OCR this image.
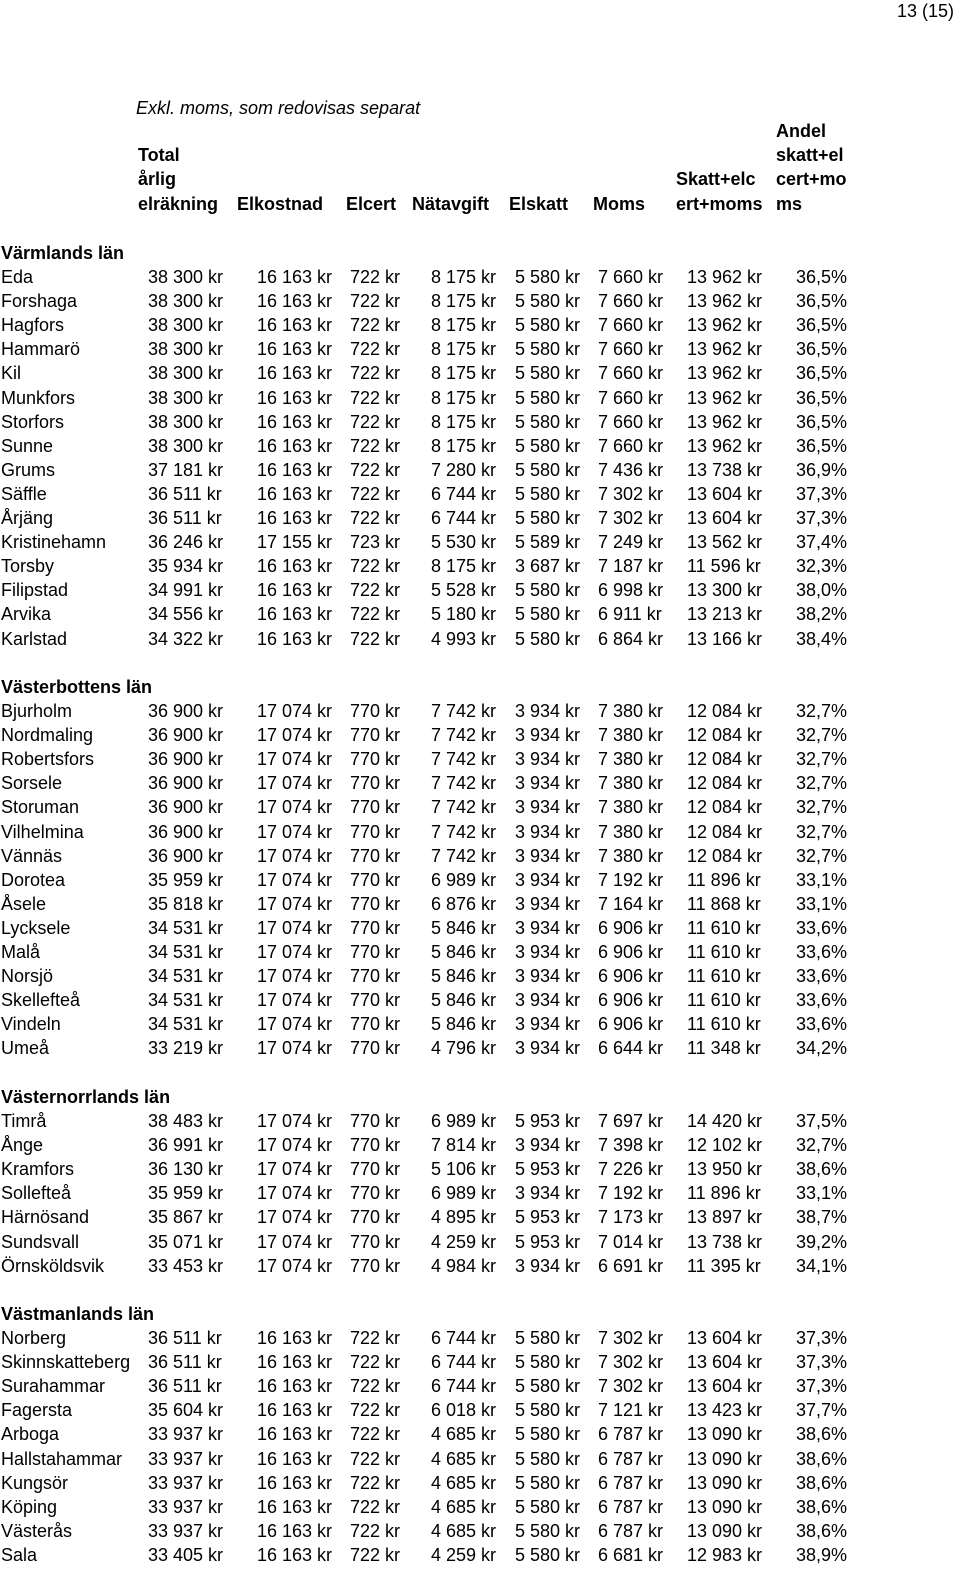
13 (15)
Exkl. moms, som redovisas separat
Total
årlig
elräkning Elkostnad Elcert Nätavgift Elskatt Moms
Skatt+elc
ert+moms
Andel
skatt+el
cert+mo
ms
Värmlands län
Eda	38 300 kr 16 163 kr 722 kr 8 175 kr 5 580 kr 7 660 kr 13 962 kr 36,5%
Forshaga	38 300 kr 16 163 kr 722 kr 8 175 kr 5 580 kr 7 660 kr 13 962 kr 36,5%
Hagfors	38 300 kr 16 163 kr 722 kr 8 175 kr 5 580 kr 7 660 kr 13 962 kr 36,5%
Hammarö	38 300 kr 16 163 kr 722 kr 8 175 kr 5 580 kr 7 660 kr 13 962 kr 36,5%
Kil	38 300 kr 16 163 kr 722 kr 8 175 kr 5 580 kr 7 660 kr 13 962 kr 36,5%
Munkfors	38 300 kr 16 163 kr 722 kr 8 175 kr 5 580 kr 7 660 kr 13 962 kr 36,5%
Storfors	38 300 kr 16 163 kr 722 kr 8 175 kr 5 580 kr 7 660 kr 13 962 kr 36,5%
Sunne	38 300 kr 16 163 kr 722 kr 8 175 kr 5 580 kr 7 660 kr 13 962 kr 36,5%
Grums	37 181 kr 16 163 kr 722 kr 7 280 kr 5 580 kr 7 436 kr 13 738 kr 36,9%
Säffle	36 511 kr 16 163 kr 722 kr 6 744 kr 5 580 kr 7 302 kr 13 604 kr 37,3%
Årjäng	36 511 kr 16 163 kr 722 kr 6 744 kr 5 580 kr 7 302 kr 13 604 kr 37,3%
Kristinehamn	36 246 kr 17 155 kr 723 kr 5 530 kr 5 589 kr 7 249 kr 13 562 kr 37,4%
Torsby	35 934 kr 16 163 kr 722 kr 8 175 kr 3 687 kr 7 187 kr 11 596 kr 32,3%
Filipstad	34 991 kr 16 163 kr 722 kr 5 528 kr 5 580 kr 6 998 kr 13 300 kr 38,0%
Arvika	34 556 kr 16 163 kr 722 kr 5 180 kr 5 580 kr 6 911 kr 13 213 kr 38,2%
Karlstad	34 322 kr 16 163 kr 722 kr 4 993 kr 5 580 kr 6 864 kr 13 166 kr 38,4%
Västerbottens län
Bjurholm	36 900 kr 17 074 kr 770 kr 7 742 kr 3 934 kr 7 380 kr 12 084 kr 32,7%
Nordmaling	36 900 kr 17 074 kr 770 kr 7 742 kr 3 934 kr 7 380 kr 12 084 kr 32,7%
Robertsfors	36 900 kr 17 074 kr 770 kr 7 742 kr 3 934 kr 7 380 kr 12 084 kr 32,7%
Sorsele	36 900 kr 17 074 kr 770 kr 7 742 kr 3 934 kr 7 380 kr 12 084 kr 32,7%
Storuman	36 900 kr 17 074 kr 770 kr 7 742 kr 3 934 kr 7 380 kr 12 084 kr 32,7%
Vilhelmina	36 900 kr 17 074 kr 770 kr 7 742 kr 3 934 kr 7 380 kr 12 084 kr 32,7%
Vännäs	36 900 kr 17 074 kr 770 kr 7 742 kr 3 934 kr 7 380 kr 12 084 kr 32,7%
Dorotea	35 959 kr 17 074 kr 770 kr 6 989 kr 3 934 kr 7 192 kr 11 896 kr 33,1%
Åsele	35 818 kr 17 074 kr 770 kr 6 876 kr 3 934 kr 7 164 kr 11 868 kr 33,1%
Lycksele	34 531 kr 17 074 kr 770 kr 5 846 kr 3 934 kr 6 906 kr 11 610 kr 33,6%
Malå	34 531 kr 17 074 kr 770 kr 5 846 kr 3 934 kr 6 906 kr 11 610 kr 33,6%
Norsjö	34 531 kr 17 074 kr 770 kr 5 846 kr 3 934 kr 6 906 kr 11 610 kr 33,6%
Skellefteå	34 531 kr 17 074 kr 770 kr 5 846 kr 3 934 kr 6 906 kr 11 610 kr 33,6%
Vindeln	34 531 kr 17 074 kr 770 kr 5 846 kr 3 934 kr 6 906 kr 11 610 kr 33,6%
Umeå	33 219 kr 17 074 kr 770 kr 4 796 kr 3 934 kr 6 644 kr 11 348 kr 34,2%
Västernorrlands län
Timrå	38 483 kr 17 074 kr 770 kr 6 989 kr 5 953 kr 7 697 kr 14 420 kr 37,5%
Ånge	36 991 kr 17 074 kr 770 kr 7 814 kr 3 934 kr 7 398 kr 12 102 kr 32,7%
Kramfors	36 130 kr 17 074 kr 770 kr 5 106 kr 5 953 kr 7 226 kr 13 950 kr 38,6%
Sollefteå	35 959 kr 17 074 kr 770 kr 6 989 kr 3 934 kr 7 192 kr 11 896 kr 33,1%
Härnösand	35 867 kr 17 074 kr 770 kr 4 895 kr 5 953 kr 7 173 kr 13 897 kr 38,7%
Sundsvall	35 071 kr 17 074 kr 770 kr 4 259 kr 5 953 kr 7 014 kr 13 738 kr 39,2%
Örnsköldsvik	33 453 kr 17 074 kr 770 kr 4 984 kr 3 934 kr 6 691 kr 11 395 kr 34,1%
Västmanlands län
Norberg	36 511 kr 16 163 kr 722 kr 6 744 kr 5 580 kr 7 302 kr 13 604 kr 37,3%
Skinnskatteberg 36 511 kr 16 163 kr 722 kr 6 744 kr 5 580 kr 7 302 kr 13 604 kr 37,3%
Surahammar	36 511 kr 16 163 kr 722 kr 6 744 kr 5 580 kr 7 302 kr 13 604 kr 37,3%
Fagersta	35 604 kr 16 163 kr 722 kr 6 018 kr 5 580 kr 7 121 kr 13 423 kr 37,7%
Arboga	33 937 kr 16 163 kr 722 kr 4 685 kr 5 580 kr 6 787 kr 13 090 kr 38,6%
Hallstahammar	33 937 kr 16 163 kr 722 kr 4 685 kr 5 580 kr 6 787 kr 13 090 kr 38,6%
Kungsör	33 937 kr 16 163 kr 722 kr 4 685 kr 5 580 kr 6 787 kr 13 090 kr 38,6%
Köping	33 937 kr 16 163 kr 722 kr 4 685 kr 5 580 kr 6 787 kr 13 090 kr 38,6%
Västerås	33 937 kr 16 163 kr 722 kr 4 685 kr 5 580 kr 6 787 kr 13 090 kr 38,6%
Sala	33 405 kr 16 163 kr 722 kr 4 259 kr 5 580 kr 6 681 kr 12 983 kr 38,9%
